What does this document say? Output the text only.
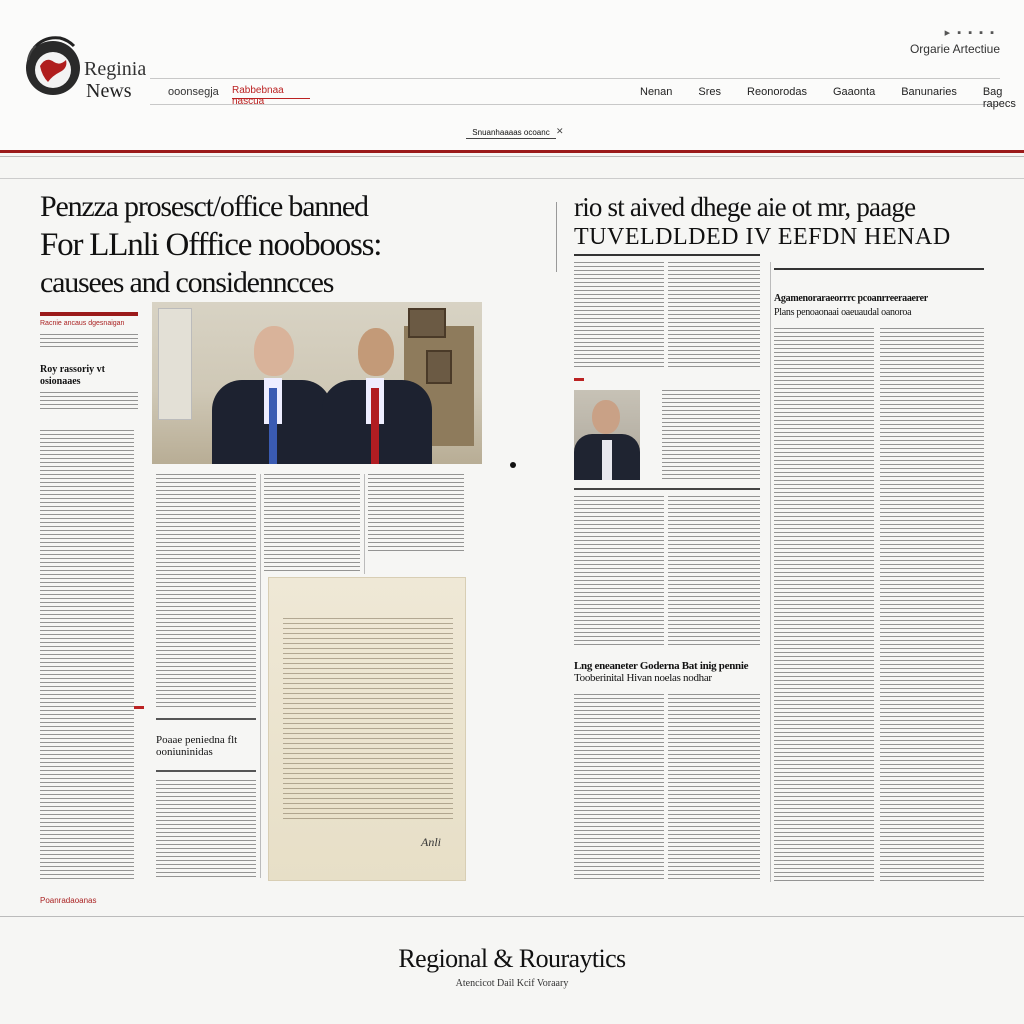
Reginia
News
▸ ▪ ▪ ▪ ▪
Orgarie Artectiue
ooonsegja Rabbebnaa nascua
Nenan Sres Reonorodas Gaaonta Banunaries Bag rapecs
Snuanhaaaas ocoanc ✕
Penzza prosesct/office banned
For LLnli Offfice noobooss:
causees and considenncces
rio st aived dhege aie ot mr, paage
TUVELDLDED IV EEFDN HENAD
Racnie ancaus dgesnaigan
Roy rassoriy vt osionaaes
Poaae peniedna flt ooniuninidas
Anli
Lng eneaneter Goderna Bat inig pennie
Tooberinital Hivan noelas nodhar
Agamenoraraeorrrc pcoanrreeraaerer
Plans penoaonaai oaeuaudal oanoroa
Poanradaoanas
Regional & Rouraytics
Atencicot Dail Kcif Voraary
